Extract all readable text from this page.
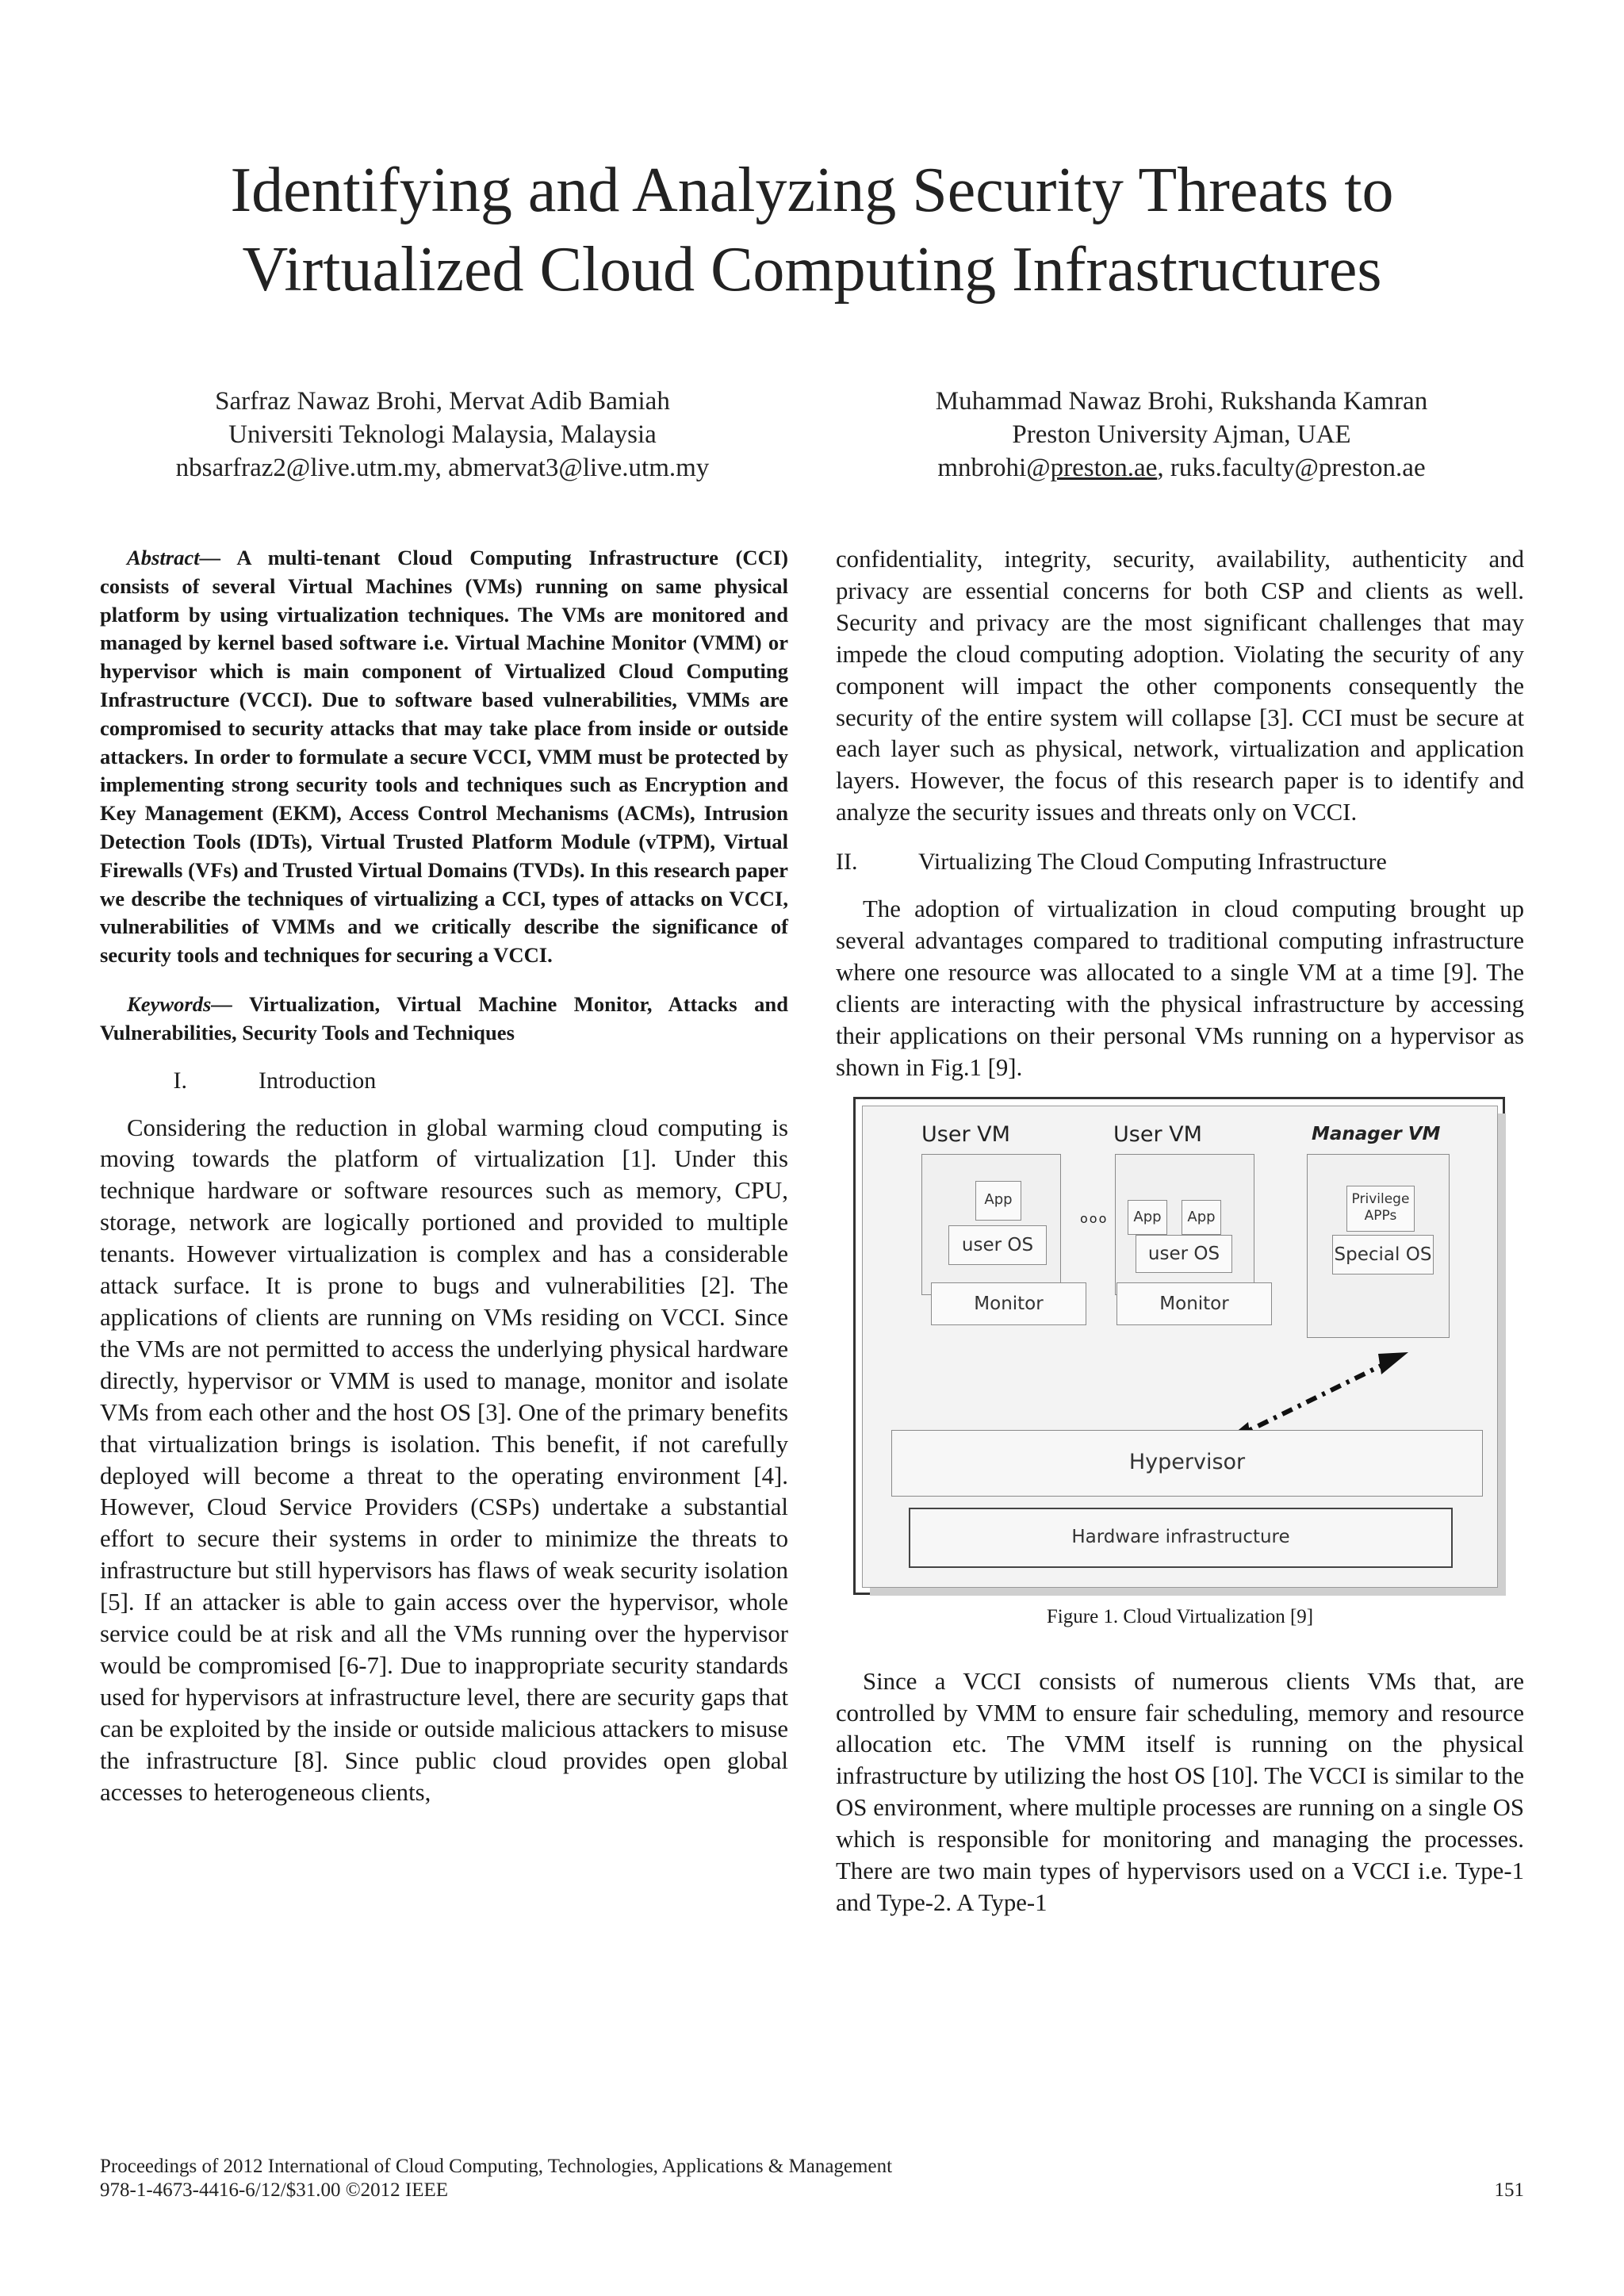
Identifying and Analyzing Security Threats to
Virtualized Cloud Computing Infrastructures
Sarfraz Nawaz Brohi, Mervat Adib Bamiah
Universiti Teknologi Malaysia, Malaysia
nbsarfraz2@live.utm.my, abmervat3@live.utm.my
Muhammad Nawaz Brohi, Rukshanda Kamran
Preston University Ajman, UAE
mnbrohi@preston.ae, ruks.faculty@preston.ae

Abstract— A multi-tenant Cloud Computing Infrastructure (CCI) consists of several Virtual Machines (VMs) running on same physical platform by using virtualization techniques. The VMs are monitored and managed by kernel based software i.e. Virtual Machine Monitor (VMM) or hypervisor which is main component of Virtualized Cloud Computing Infrastructure (VCCI). Due to software based vulnerabilities, VMMs are compromised to security attacks that may take place from inside or outside attackers. In order to formulate a secure VCCI, VMM must be protected by implementing strong security tools and techniques such as Encryption and Key Management (EKM), Access Control Mechanisms (ACMs), Intrusion Detection Tools (IDTs), Virtual Trusted Platform Module (vTPM), Virtual Firewalls (VFs) and Trusted Virtual Domains (TVDs). In this research paper we describe the techniques of virtualizing a CCI, types of attacks on VCCI, vulnerabilities of VMMs and we critically describe the significance of security tools and techniques for securing a VCCI.

Keywords— Virtualization, Virtual Machine Monitor, Attacks and Vulnerabilities, Security Tools and Techniques

I.	Introduction

Considering the reduction in global warming cloud computing is moving towards the platform of virtualization [1]. Under this technique hardware or software resources such as memory, CPU, storage, network are logically portioned and provided to multiple tenants. However virtualization is complex and has a considerable attack surface. It is prone to bugs and vulnerabilities [2]. The applications of clients are running on VMs residing on VCCI. Since the VMs are not permitted to access the underlying physical hardware directly, hypervisor or VMM is used to manage, monitor and isolate VMs from each other and the host OS [3]. One of the primary benefits that virtualization brings is isolation. This benefit, if not carefully deployed will become a threat to the operating environment [4]. However, Cloud Service Providers (CSPs) undertake a substantial effort to secure their systems in order to minimize the threats to infrastructure but still hypervisors has flaws of weak security isolation [5]. If an attacker is able to gain access over the hypervisor, whole service could be at risk and all the VMs running over the hypervisor would be compromised [6-7]. Due to inappropriate security standards used for hypervisors at infrastructure level, there are security gaps that can be exploited by the inside or outside malicious attackers to misuse the infrastructure [8]. Since public cloud provides open global accesses to heterogeneous clients,

confidentiality, integrity, security, availability, authenticity and privacy are essential concerns for both CSP and clients as well. Security and privacy are the most significant challenges that may impede the cloud computing adoption. Violating the security of any component will impact the other components consequently the security of the entire system will collapse [3]. CCI must be secure at each layer such as physical, network, virtualization and application layers. However, the focus of this research paper is to identify and analyze the security issues and threats only on VCCI.

II.	Virtualizing The Cloud Computing Infrastructure

The adoption of virtualization in cloud computing brought up several advantages compared to traditional computing infrastructure where one resource was allocated to a single VM at a time [9]. The clients are interacting with the physical infrastructure by accessing their applications on their personal VMs running on a hypervisor as shown in Fig.1 [9].

User VM
App
user OS
Monitor
ooo
User VM
App	App
user OS
Monitor
Manager VM
Privilege
APPs
Special OS
Hypervisor
Hardware infrastructure
Figure 1. Cloud Virtualization [9]

Since a VCCI consists of numerous clients VMs that, are controlled by VMM to ensure fair scheduling, memory and resource allocation etc. The VMM itself is running on the physical infrastructure by utilizing the host OS [10]. The VCCI is similar to the OS environment, where multiple processes are running on a single OS which is responsible for monitoring and managing the processes. There are two main types of hypervisors used on a VCCI i.e. Type-1 and Type-2. A Type-1

Proceedings of 2012 International of Cloud Computing, Technologies, Applications & Management
978-1-4673-4416-6/12/$31.00 ©2012 IEEE	151
